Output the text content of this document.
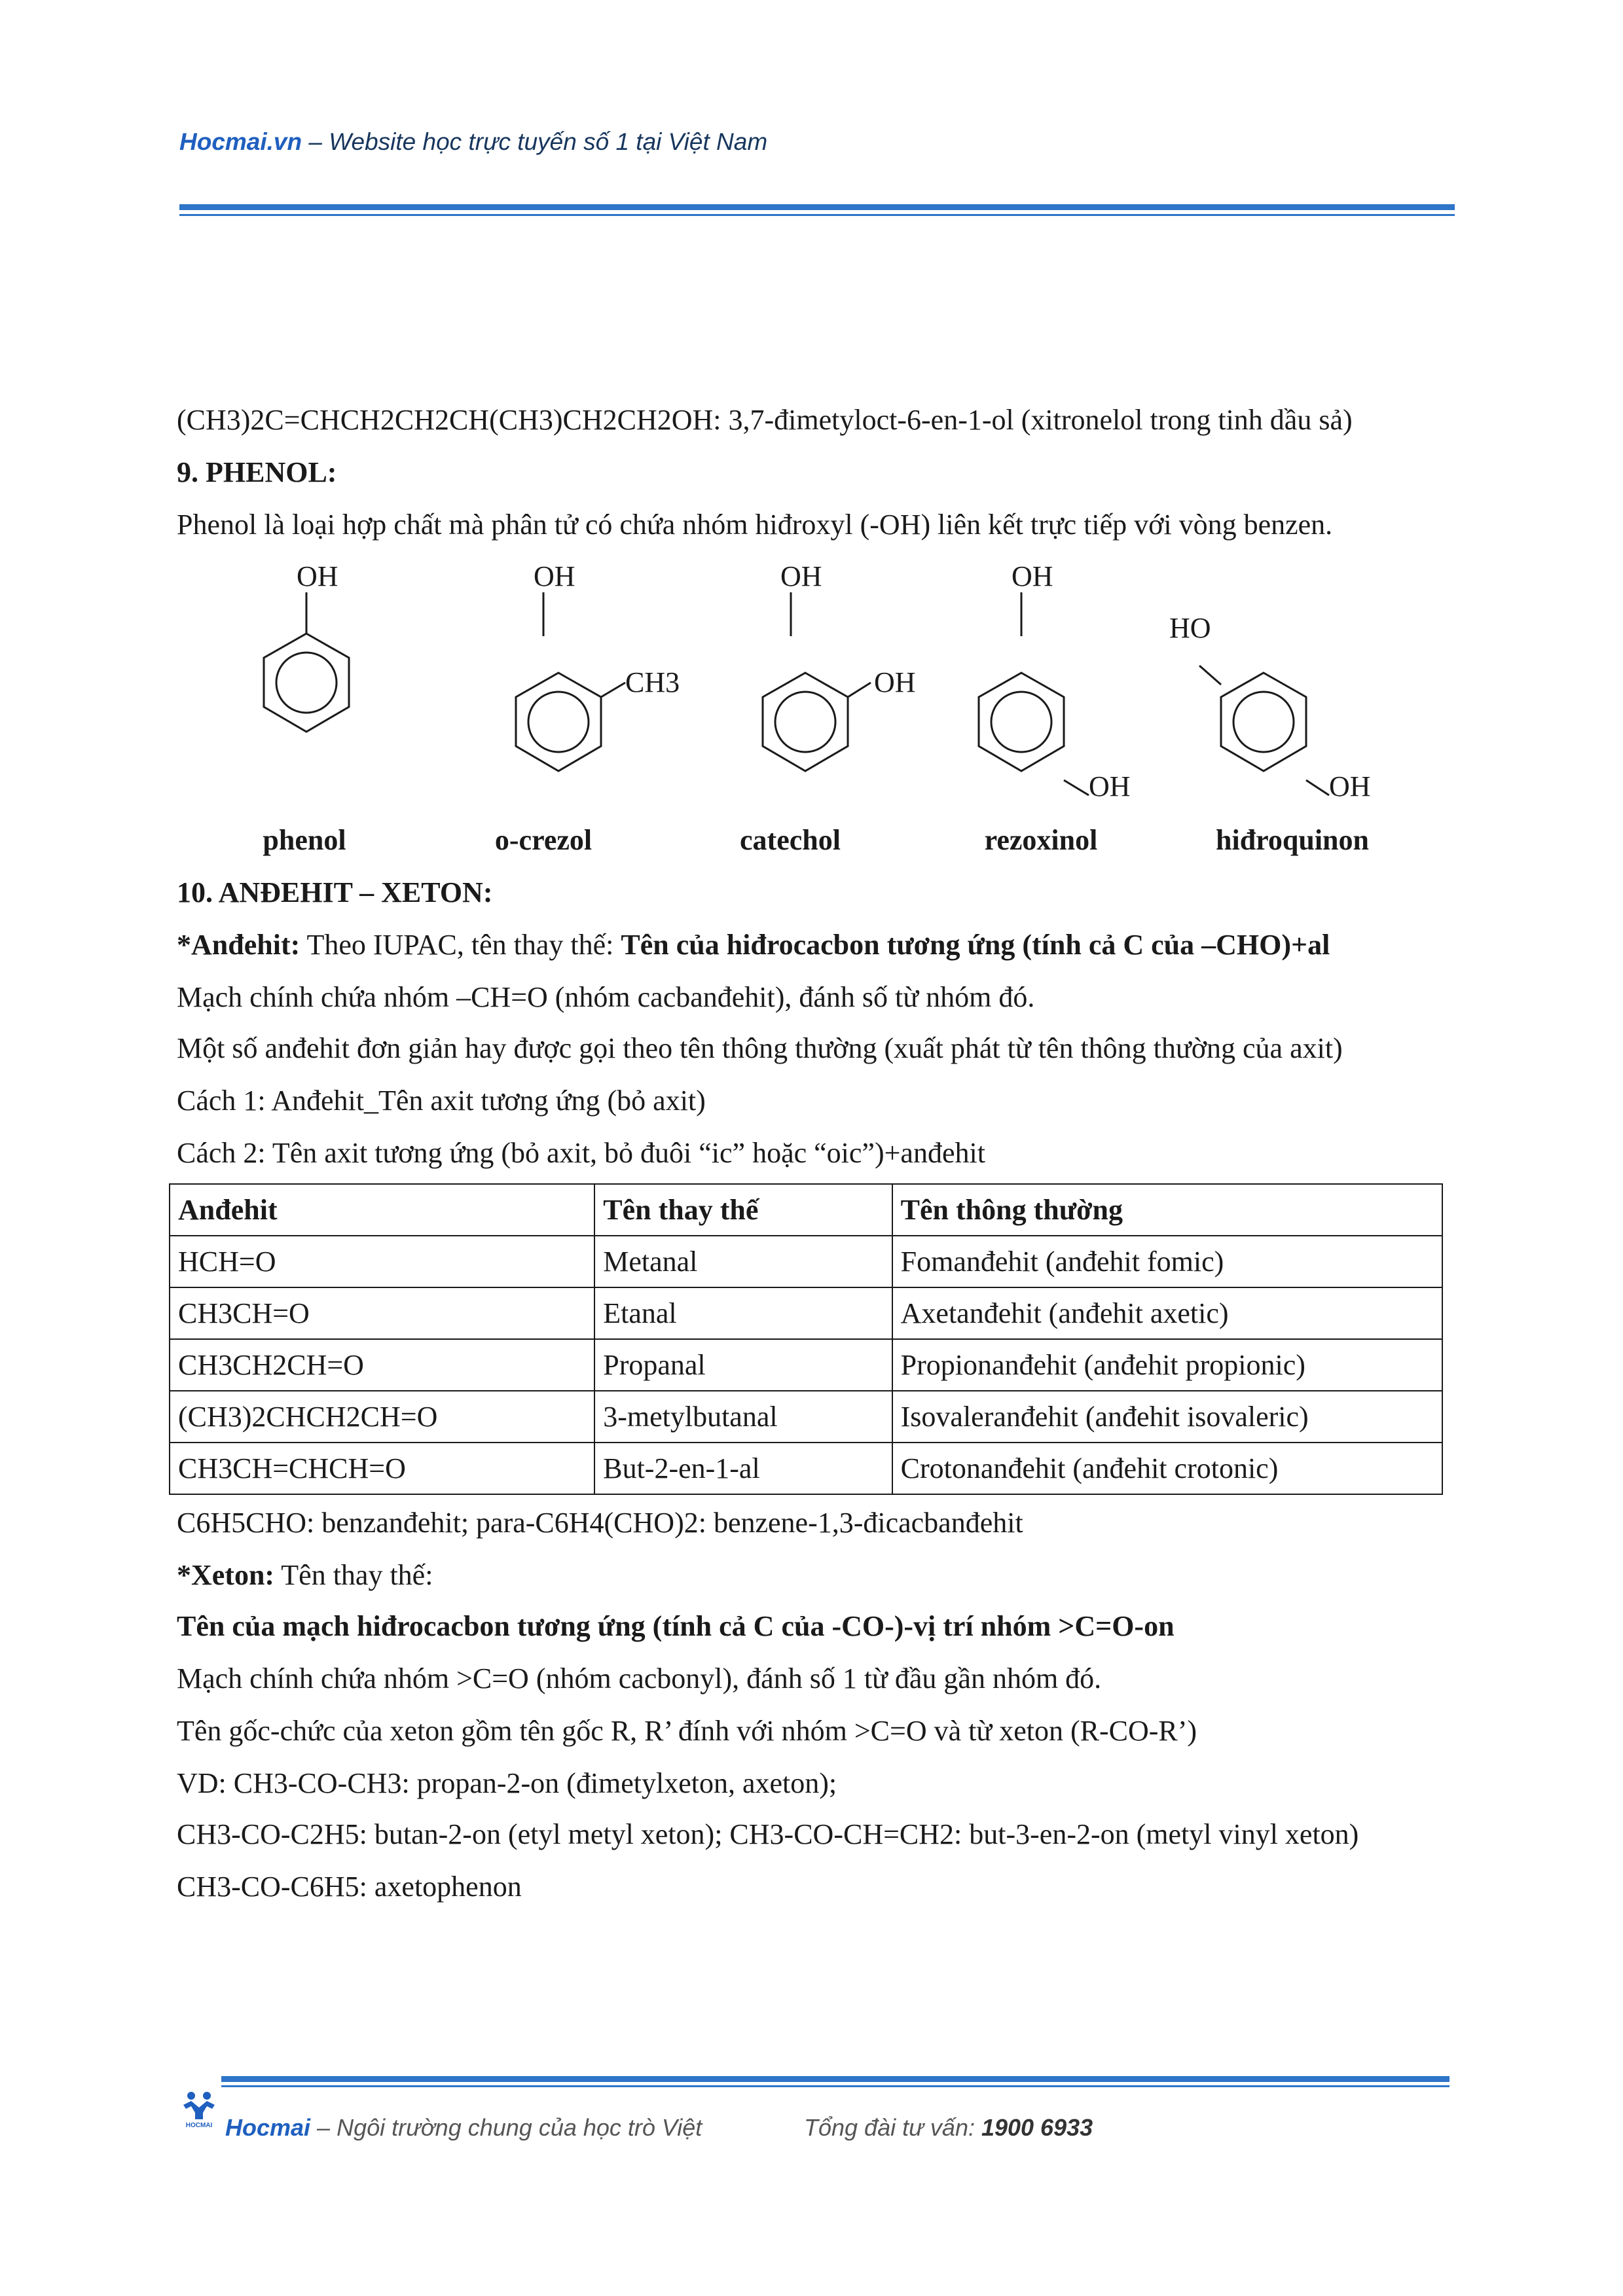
Hocmai.vn – Website học trực tuyến số 1 tại Việt Nam
(CH3)2C=CHCH2CH2CH(CH3)CH2CH2OH: 3,7-đimetyloct-6-en-1-ol (xitronelol trong tinh dầu sả)
9. PHENOL:
Phenol là loại hợp chất mà phân tử có chứa nhóm hiđroxyl (-OH) liên kết trực tiếp với vòng benzen.
OH	OH
CH3
OH
OH
OH
OH
HO
OH
phenol	o-crezol	catechol	rezoxinol	hiđroquinon
10. ANĐEHIT – XETON:
*Anđehit: Theo IUPAC, tên thay thế: Tên của hiđrocacbon tương ứng (tính cả C của –CHO)+al
Mạch chính chứa nhóm –CH=O (nhóm cacbanđehit), đánh số từ nhóm đó.
Một số anđehit đơn giản hay được gọi theo tên thông thường (xuất phát từ tên thông thường của axit)
Cách 1: Anđehit_Tên axit tương ứng (bỏ axit)
Cách 2: Tên axit tương ứng (bỏ axit, bỏ đuôi “ic” hoặc “oic”)+anđehit
Anđehit	Tên thay thế	Tên thông thường
HCH=O	Metanal	Fomanđehit (anđehit fomic)
CH3CH=O	Etanal	Axetanđehit (anđehit axetic)
CH3CH2CH=O	Propanal	Propionanđehit (anđehit propionic)
(CH3)2CHCH2CH=O	3-metylbutanal	Isovaleranđehit (anđehit isovaleric)
CH3CH=CHCH=O	But-2-en-1-al	Crotonanđehit (anđehit crotonic)
C6H5CHO: benzanđehit; para-C6H4(CHO)2: benzene-1,3-đicacbanđehit
*Xeton: Tên thay thế:
Tên của mạch hiđrocacbon tương ứng (tính cả C của -CO-)-vị trí nhóm >C=O-on
Mạch chính chứa nhóm >C=O (nhóm cacbonyl), đánh số 1 từ đầu gần nhóm đó.
Tên gốc-chức của xeton gồm tên gốc R, R’ đính với nhóm >C=O và từ xeton (R-CO-R’)
VD: CH3-CO-CH3: propan-2-on (đimetylxeton, axeton);
CH3-CO-C2H5: butan-2-on (etyl metyl xeton); CH3-CO-CH=CH2: but-3-en-2-on (metyl vinyl xeton)
CH3-CO-C6H5: axetophenon
HOCMAI Hocmai – Ngôi trường chung của học trò Việt	Tổng đài tư vấn: 1900 6933
